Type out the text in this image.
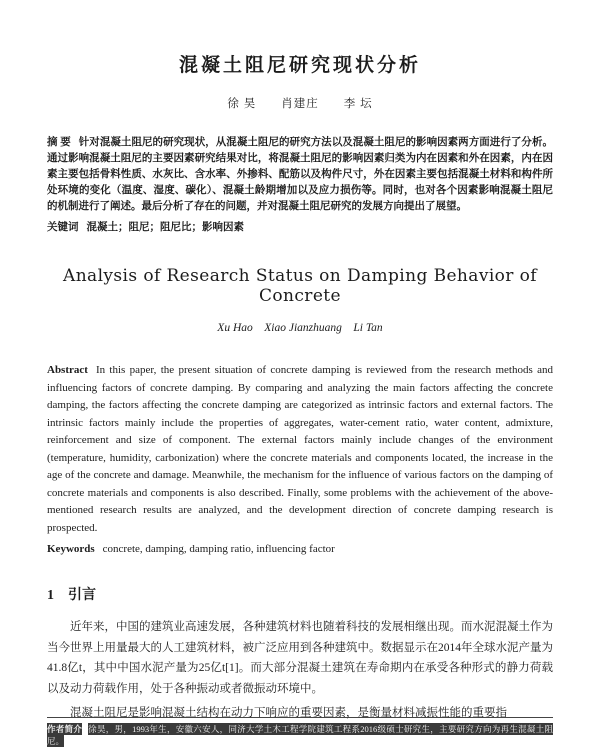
混凝土阻尼研究现状分析
徐 昊　　肖建庄　　李 坛

摘 要 针对混凝土阻尼的研究现状，从混凝土阻尼的研究方法以及混凝土阻尼的影响因素两方面进行了分析。通过影响混凝土阻尼的主要因素研究结果对比，将混凝土阻尼的影响因素归类为内在因素和外在因素，内在因素主要包括骨料性质、水灰比、含水率、外掺料、配筋以及构件尺寸，外在因素主要包括混凝土材料和构件所处环境的变化（温度、湿度、碳化）、混凝土龄期增加以及应力损伤等。同时，也对各个因素影响混凝土阻尼的机制进行了阐述。最后分析了存在的问题，并对混凝土阻尼研究的发展方向提出了展望。

关键词 混凝土；阻尼；阻尼比；影响因素

Analysis of Research Status on Damping Behavior of Concrete
Xu Hao    Xiao Jianzhuang    Li Tan

Abstract In this paper, the present situation of concrete damping is reviewed from the research methods and influencing factors of concrete damping. By comparing and analyzing the main factors affecting the concrete damping, the factors affecting the concrete damping are categorized as intrinsic factors and external factors. The intrinsic factors mainly include the properties of aggregates, water-cement ratio, water content, admixture, reinforcement and size of component. The external factors mainly include changes of the environment (temperature, humidity, carbonization) where the concrete materials and components located, the increase in the age of the concrete and damage. Meanwhile, the mechanism for the influence of various factors on the damping of concrete materials and components is also described. Finally, some problems with the achievement of the above-mentioned research results are analyzed, and the development direction of concrete damping research is prospected.

Keywords concrete, damping, damping ratio, influencing factor

1　引言

近年来，中国的建筑业高速发展，各种建筑材料也随着科技的发展相继出现。而水泥混凝土作为当今世界上用量最大的人工建筑材料，被广泛应用到各种建筑中。数据显示在2014年全球水泥产量为41.8亿t，其中中国水泥产量为25亿t[1]。而大部分混凝土建筑在寿命期内在承受各种形式的静力荷载以及动力荷载作用，处于各种振动或者微振动环境中。

混凝土阻尼是影响混凝土结构在动力下响应的重要因素，是衡量材料减振性能的重要指

作者简介 徐昊，男，1993年生，安徽六安人，同济大学土木工程学院建筑工程系2016级硕士研究生，主要研究方向为再生混凝土阻尼。
